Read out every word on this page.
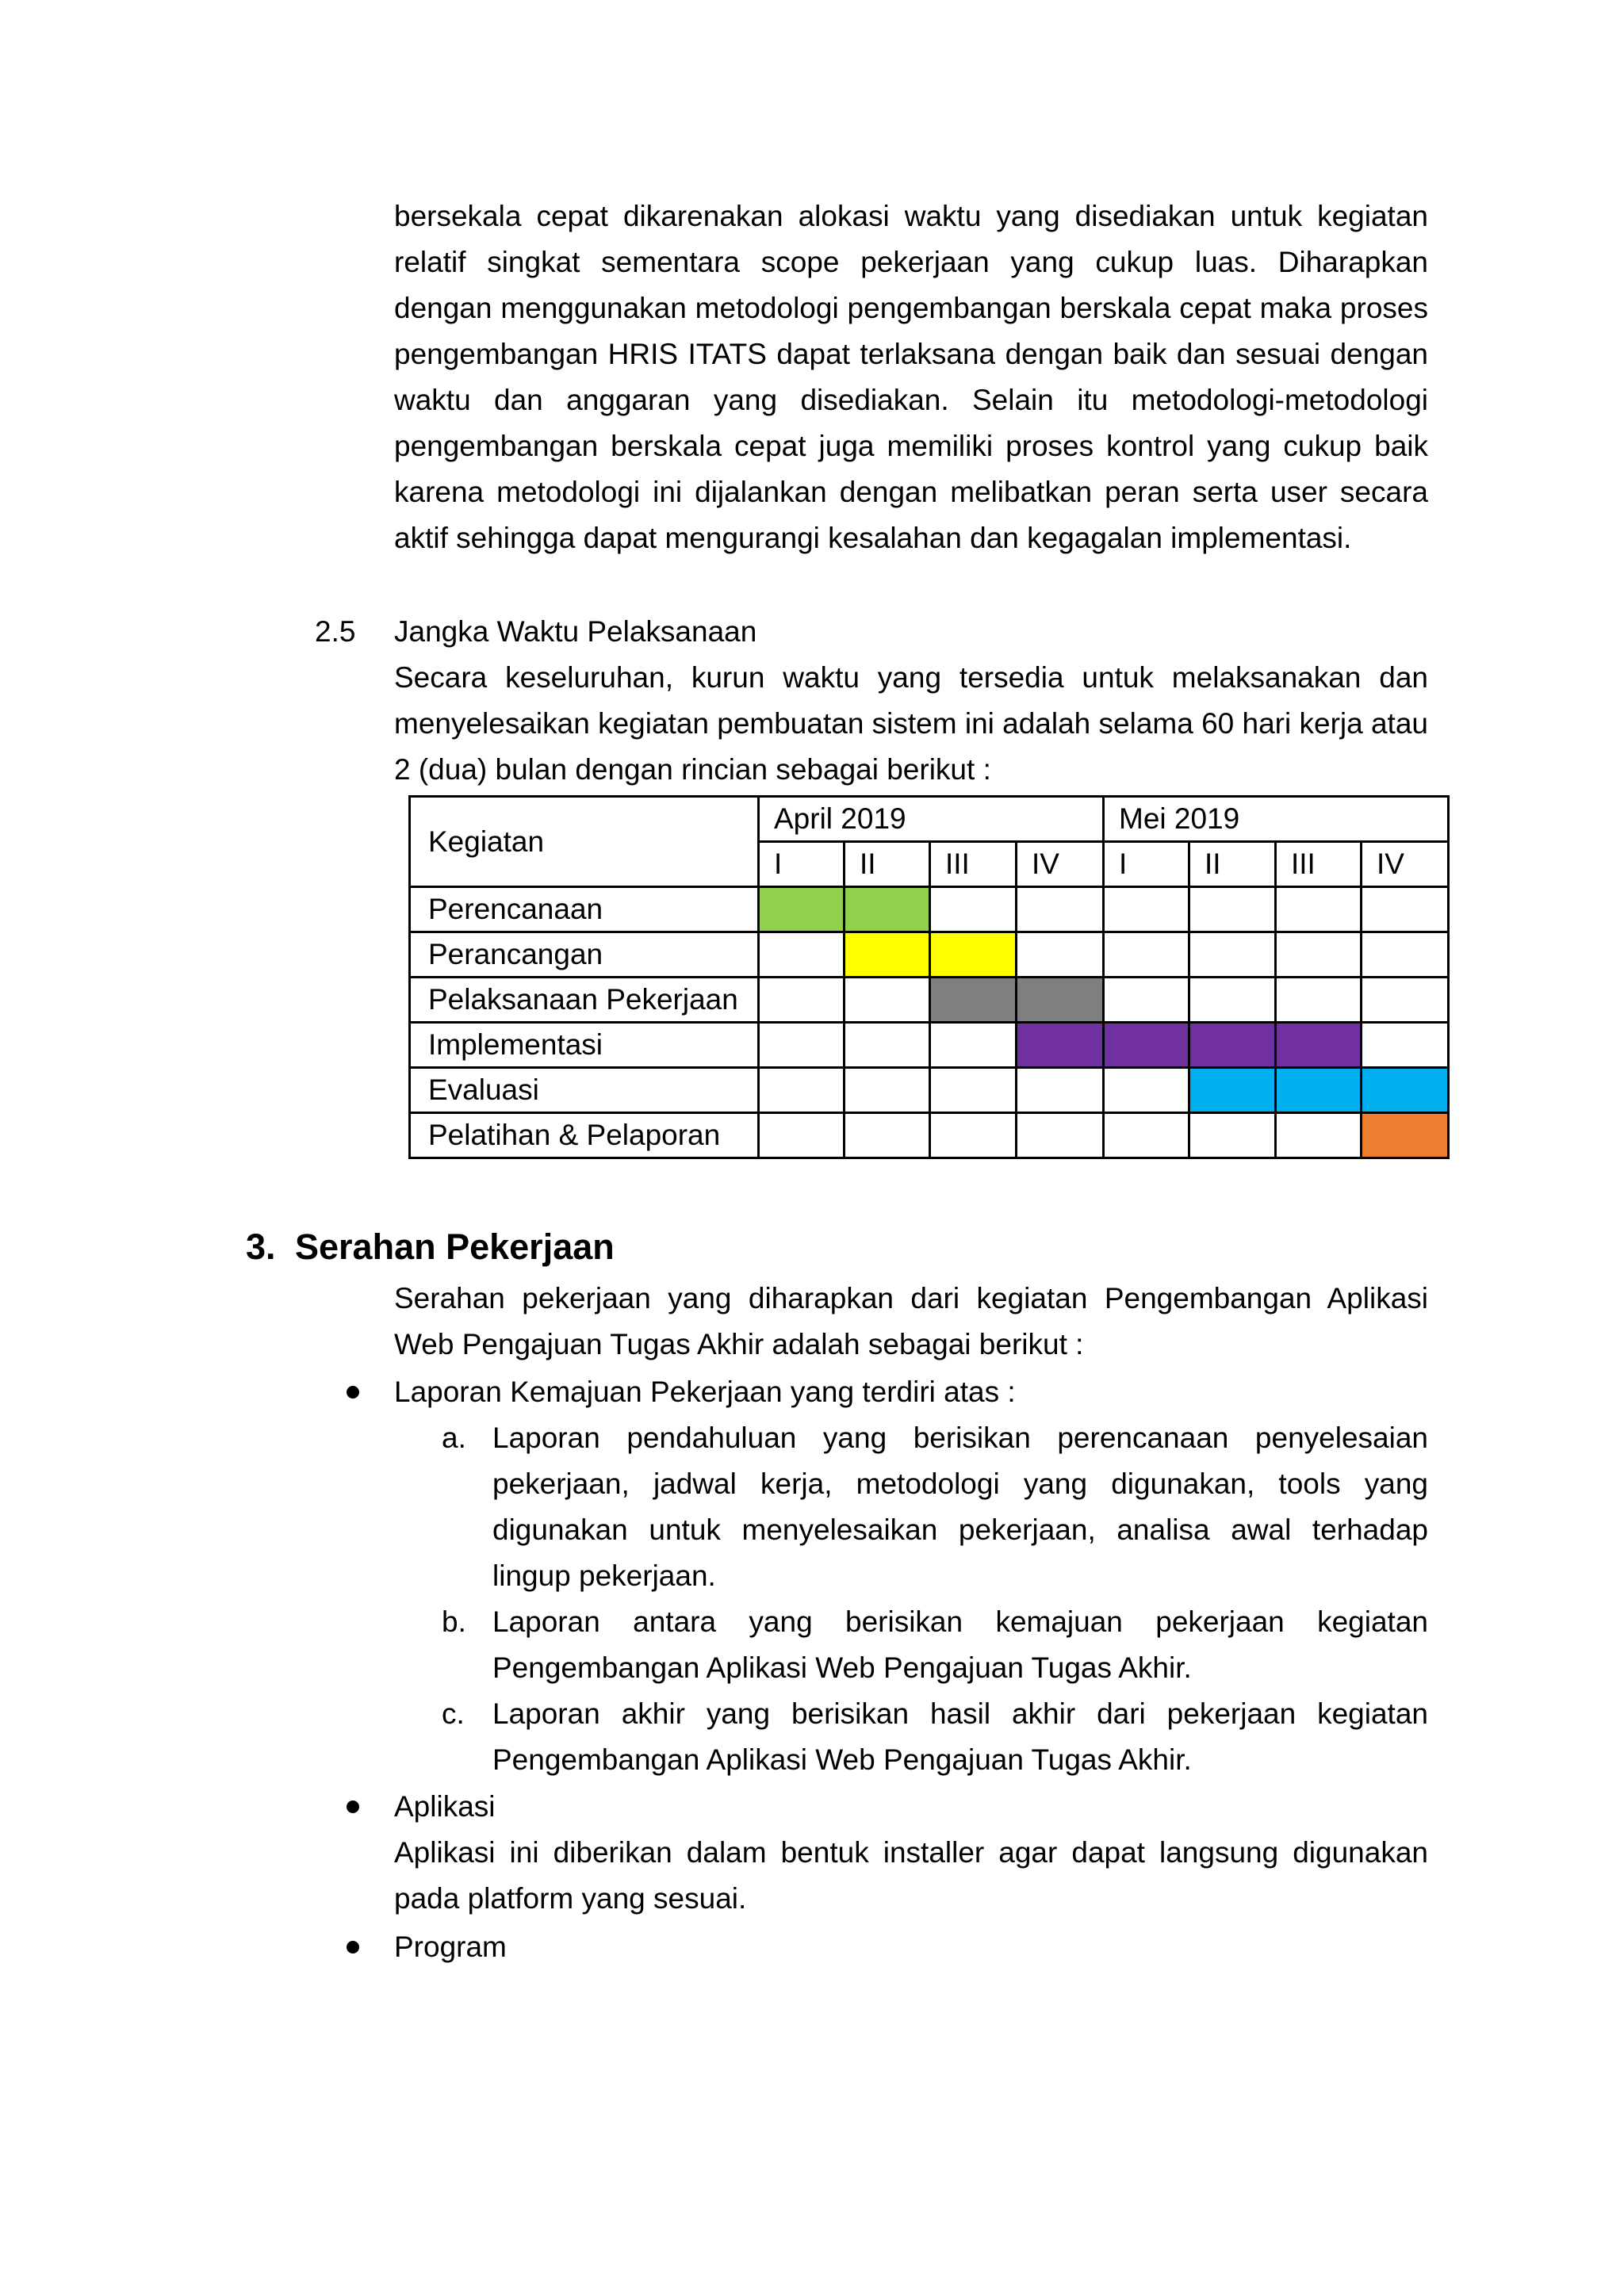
bersekala cepat dikarenakan alokasi waktu yang disediakan untuk kegiatan relatif singkat sementara scope pekerjaan yang cukup luas. Diharapkan dengan menggunakan metodologi pengembangan berskala cepat maka proses pengembangan HRIS ITATS dapat terlaksana dengan baik dan sesuai dengan waktu dan anggaran yang disediakan. Selain itu metodologi-metodologi pengembangan berskala cepat juga memiliki proses kontrol yang cukup baik karena metodologi ini dijalankan dengan melibatkan peran serta user secara aktif sehingga dapat mengurangi kesalahan dan kegagalan implementasi.

2.5 Jangka Waktu Pelaksanaan

Secara keseluruhan, kurun waktu yang tersedia untuk melaksanakan dan menyelesaikan kegiatan pembuatan sistem ini adalah selama 60 hari kerja atau 2 (dua) bulan dengan rincian sebagai berikut :

Kegiatan	April 2019				Mei 2019			
	I	II	III	IV	I	II	III	IV
Perencanaan								
Perancangan								
Pelaksanaan Pekerjaan								
Implementasi								
Evaluasi								
Pelatihan & Pelaporan								
3. Serahan Pekerjaan

Serahan pekerjaan yang diharapkan dari kegiatan Pengembangan Aplikasi Web Pengajuan Tugas Akhir adalah sebagai berikut :

Laporan Kemajuan Pekerjaan yang terdiri atas :

a. Laporan pendahuluan yang berisikan perencanaan penyelesaian pekerjaan, jadwal kerja, metodologi yang digunakan, tools yang digunakan untuk menyelesaikan pekerjaan, analisa awal terhadap lingup pekerjaan.

b. Laporan antara yang berisikan kemajuan pekerjaan kegiatan Pengembangan Aplikasi Web Pengajuan Tugas Akhir.

c. Laporan akhir yang berisikan hasil akhir dari pekerjaan kegiatan Pengembangan Aplikasi Web Pengajuan Tugas Akhir.

Aplikasi

Aplikasi ini diberikan dalam bentuk installer agar dapat langsung digunakan pada platform yang sesuai.

Program
